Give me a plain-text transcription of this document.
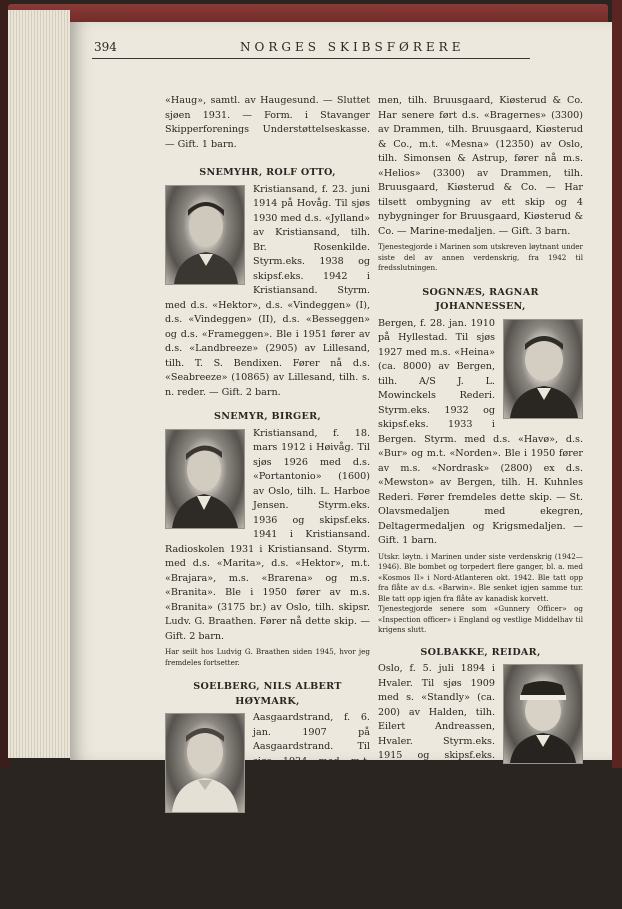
394	NORGES SKIBSFØRERE

«Haug», samtl. av Haugesund. — Sluttet sjøen 1931. — Form. i Stavanger Skipperforenings Understøttelseskasse. — Gift. 1 barn.

SNEMYHR, ROLF OTTO,

Kristiansand, f. 23. juni 1914 på Hovåg. Til sjøs 1930 med d.s. «Jylland» av Kristiansand, tilh. Br. Rosenkilde. Styrm.eks. 1938 og skipsf.eks. 1942 i Kristiansand. Styrm. med d.s. «Hektor», d.s. «Vindeggen» (I), d.s. «Vindeggen» (II), d.s. «Besseggen» og d.s. «Frameggen». Ble i 1951 fører av d.s. «Landbreeze» (2905) av Lillesand, tilh. T. S. Bendixen. Fører nå d.s. «Seabreeze» (10865) av Lillesand, tilh. s. n. reder. — Gift. 2 barn.

SNEMYR, BIRGER,

Kristiansand, f. 18. mars 1912 i Høivåg. Til sjøs 1926 med d.s. «Portantonio» (1600) av Oslo, tilh. L. Harboe Jensen. Styrm.eks. 1936 og skipsf.eks. 1941 i Kristiansand. Radioskolen 1931 i Kristiansand. Styrm. med d.s. «Marita», d.s. «Hektor», m.t. «Brajara», m.s. «Brarena» og m.s. «Branita». Ble i 1950 fører av m.s. «Branita» (3175 br.) av Oslo, tilh. skipsr. Ludv. G. Braathen. Fører nå dette skip. — Gift. 2 barn.

Har seilt hos Ludvig G. Braathen siden 1945, hvor jeg fremdeles fortsetter.

SOELBERG, NILS ALBERT HØYMARK,

Aasgaardstrand, f. 6. jan. 1907 på Aasgaardstrand. Til sjøs 1924 med m.t. «Hamlet» (6750) av Drammen, tilh. Bruusgaard, Kiøsterud & Co. Styrm.eks. 1928 og skipsf.eks. 1930 i Tønsberg. Styrm. med s.s. «Hero», s.s. «Hervard», s.s. «Hermod» og m.s. «Hermelin». Ble i 1941 fører av m.s. «Hermelin» (2650) av Dram-

men, tilh. Bruusgaard, Kiøsterud & Co. Har senere ført d.s. «Bragernes» (3300) av Drammen, tilh. Bruusgaard, Kiøsterud & Co., m.t. «Mesna» (12350) av Oslo, tilh. Simonsen & Astrup, fører nå m.s. «Helios» (3300) av Drammen, tilh. Bruusgaard, Kiøsterud & Co. — Har tilsett ombygning av ett skip og 4 nybygninger for Bruusgaard, Kiøsterud & Co. — Marine-medaljen. — Gift. 3 barn.

Tjenestegjorde i Marinen som utskreven løytnant under siste del av annen verdenskrig, fra 1942 til fredsslutningen.

SOGNNÆS, RAGNAR JOHANNESSEN,

Bergen, f. 28. jan. 1910 på Hyllestad. Til sjøs 1927 med m.s. «Heina» (ca. 8000) av Bergen, tilh. A/S J. L. Mowinckels Rederi. Styrm.eks. 1932 og skipsf.eks. 1933 i Bergen. Styrm. med d.s. «Havø», d.s. «Bur» og m.t. «Norden». Ble i 1950 fører av m.s. «Nordrask» (2800) ex d.s. «Mewston» av Bergen, tilh. H. Kuhnles Rederi. Fører fremdeles dette skip. — St. Olavsmedaljen med ekegren, Deltagermedaljen og Krigsmedaljen. — Gift. 1 barn.

Utskr. løytn. i Marinen under siste verdenskrig (1942—1946). Ble bombet og torpedert flere ganger, bl. a. med «Kosmos II» i Nord-Atlanteren okt. 1942. Ble tatt opp fra flåte av d.s. «Barwin». Ble senket igjen samme tur. Ble tatt opp igjen fra flåte av kanadisk korvett.

Tjenestegjorde senere som «Gunnery Officer» og «Inspection officer» i England og vestlige Middelhav til krigens slutt.

SOLBAKKE, REIDAR,

Oslo, f. 5. juli 1894 i Hvaler. Til sjøs 1909 med s. «Standly» (ca. 200) av Halden, tilh. Eilert Andreassen, Hvaler. Styrm.eks. 1915 og skipsf.eks. 1918 i Fredrikstad. Styrm. med brigg «Rufus», d.s. «Mascot», «Jelø», «Margot», «Marvel», «Batavia» og «Borgny». Ble i 1929 fører av d.s. «Marvel» (2525) av Oslo, tilh. Fred. Olsen & Co. Har senere ført m.s. «Borgny» (4100), m.s. «Knute Nelson» (9500), m.s. «Borgaa» (7500), d.s. «Brunlanes» (5100), m.s. «Brabant», d.s. «Biri», d.s. «Mailand», d.s.
